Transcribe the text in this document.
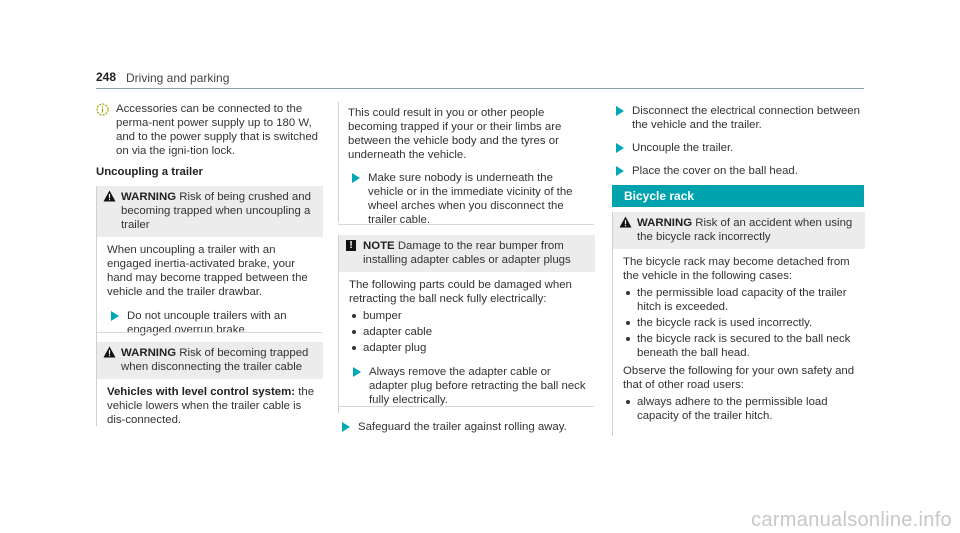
248 Driving and parking

Accessories can be connected to the perma-nent power supply up to 180 W, and to the power supply that is switched on via the igni-tion lock.

Uncoupling a trailer

WARNING Risk of being crushed and becoming trapped when uncoupling a trailer

When uncoupling a trailer with an engaged inertia-activated brake, your hand may become trapped between the vehicle and the trailer drawbar.

Do not uncouple trailers with an engaged overrun brake.

WARNING Risk of becoming trapped when disconnecting the trailer cable

Vehicles with level control system: the vehicle lowers when the trailer cable is dis-connected.

This could result in you or other people becoming trapped if your or their limbs are between the vehicle body and the tyres or underneath the vehicle.

Make sure nobody is underneath the vehicle or in the immediate vicinity of the wheel arches when you disconnect the trailer cable.

! NOTE Damage to the rear bumper from installing adapter cables or adapter plugs

The following parts could be damaged when retracting the ball neck fully electrically:

bumper
adapter cable
adapter plug

Always remove the adapter cable or adapter plug before retracting the ball neck fully electrically.

Safeguard the trailer against rolling away.

Disconnect the electrical connection between the vehicle and the trailer.

Uncouple the trailer.

Place the cover on the ball head.

Bicycle rack
WARNING Risk of an accident when using the bicycle rack incorrectly

The bicycle rack may become detached from the vehicle in the following cases:

the permissible load capacity of the trailer hitch is exceeded.
the bicycle rack is used incorrectly.
the bicycle rack is secured to the ball neck beneath the ball head.

Observe the following for your own safety and that of other road users:

always adhere to the permissible load capacity of the trailer hitch.
carmanualsonline.info
